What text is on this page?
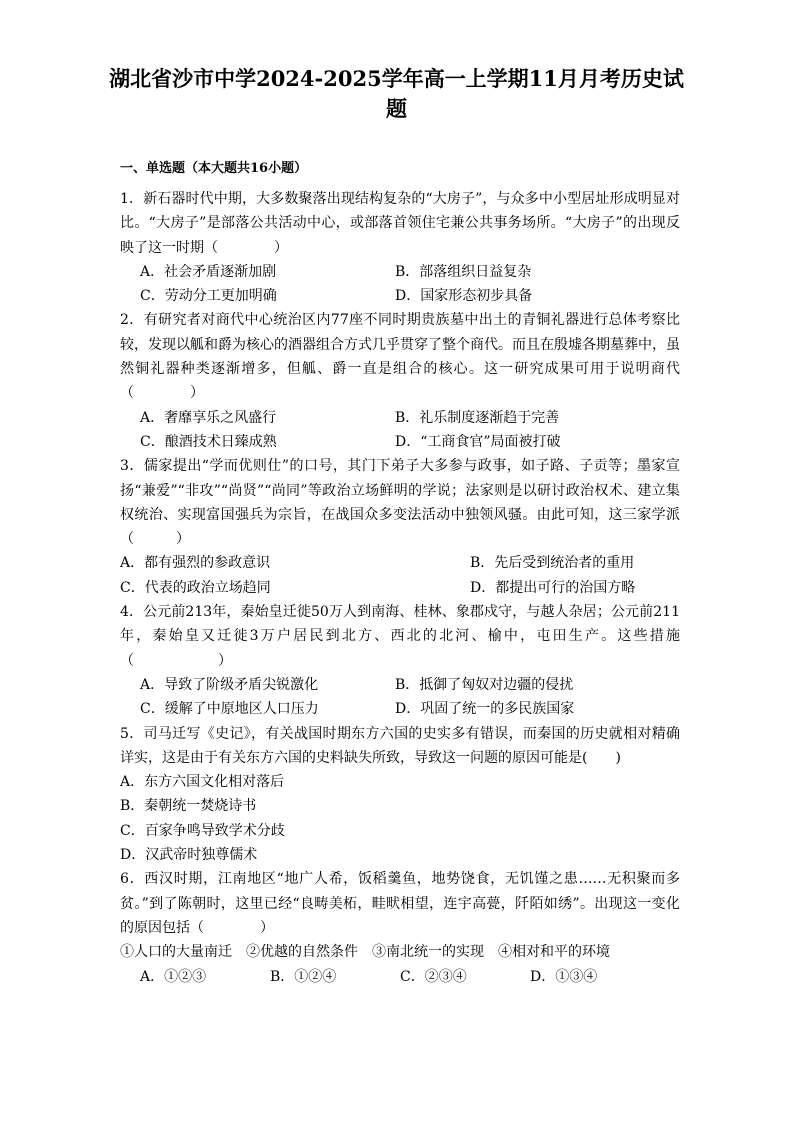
湖北省沙市中学2024-2025学年高一上学期11月月考历史试题
一、单选题（本大题共16小题）
1．新石器时代中期，大多数聚落出现结构复杂的“大房子”，与众多中小型居址形成明显对比。“大房子”是部落公共活动中心，或部落首领住宅兼公共事务场所。“大房子”的出现反映了这一时期（　　　　）
A．社会矛盾逐渐加剧	B．部落组织日益复杂
C．劳动分工更加明确	D．国家形态初步具备
2．有研究者对商代中心统治区内77座不同时期贵族墓中出土的青铜礼器进行总体考察比较，发现以觚和爵为核心的酒器组合方式几乎贯穿了整个商代。而且在殷墟各期墓葬中，虽然铜礼器种类逐渐增多，但觚、爵一直是组合的核心。这一研究成果可用于说明商代（　　　　）
A．奢靡享乐之风盛行	B．礼乐制度逐渐趋于完善
C．酿酒技术日臻成熟	D．“工商食官”局面被打破
3．儒家提出“学而优则仕”的口号，其门下弟子大多参与政事，如子路、子贡等；墨家宣扬“兼爱”“非攻”“尚贤”“尚同”等政治立场鲜明的学说；法家则是以研讨政治权术、建立集权统治、实现富国强兵为宗旨，在战国众多变法活动中独领风骚。由此可知，这三家学派（　　　）
A．都有强烈的参政意识	B．先后受到统治者的重用
C．代表的政治立场趋同	D．都提出可行的治国方略
4．公元前213年，秦始皇迁徙50万人到南海、桂林、象郡戍守，与越人杂居；公元前211年，秦始皇又迁徙3万户居民到北方、西北的北河、榆中，屯田生产。这些措施（　　　　　　）
A．导致了阶级矛盾尖锐激化	B．抵御了匈奴对边疆的侵扰
C．缓解了中原地区人口压力	D．巩固了统一的多民族国家
5．司马迁写《史记》，有关战国时期东方六国的史实多有错误，而秦国的历史就相对精确详实，这是由于有关东方六国的史料缺失所致，导致这一问题的原因可能是(　　)
A．东方六国文化相对落后
B．秦朝统一焚烧诗书
C．百家争鸣导致学术分歧
D．汉武帝时独尊儒术
6．西汉时期，江南地区“地广人希，饭稻羹鱼，地势饶食，无饥馑之患……无积聚而多贫。”到了陈朝时，这里已经“良畴美柘，畦畎相望，连宇高甍，阡陌如绣”。出现这一变化的原因包括（　　　　）
①人口的大量南迁　②优越的自然条件　③南北统一的实现　④相对和平的环境
A．①②③	B．①②④	C．②③④	D．①③④
